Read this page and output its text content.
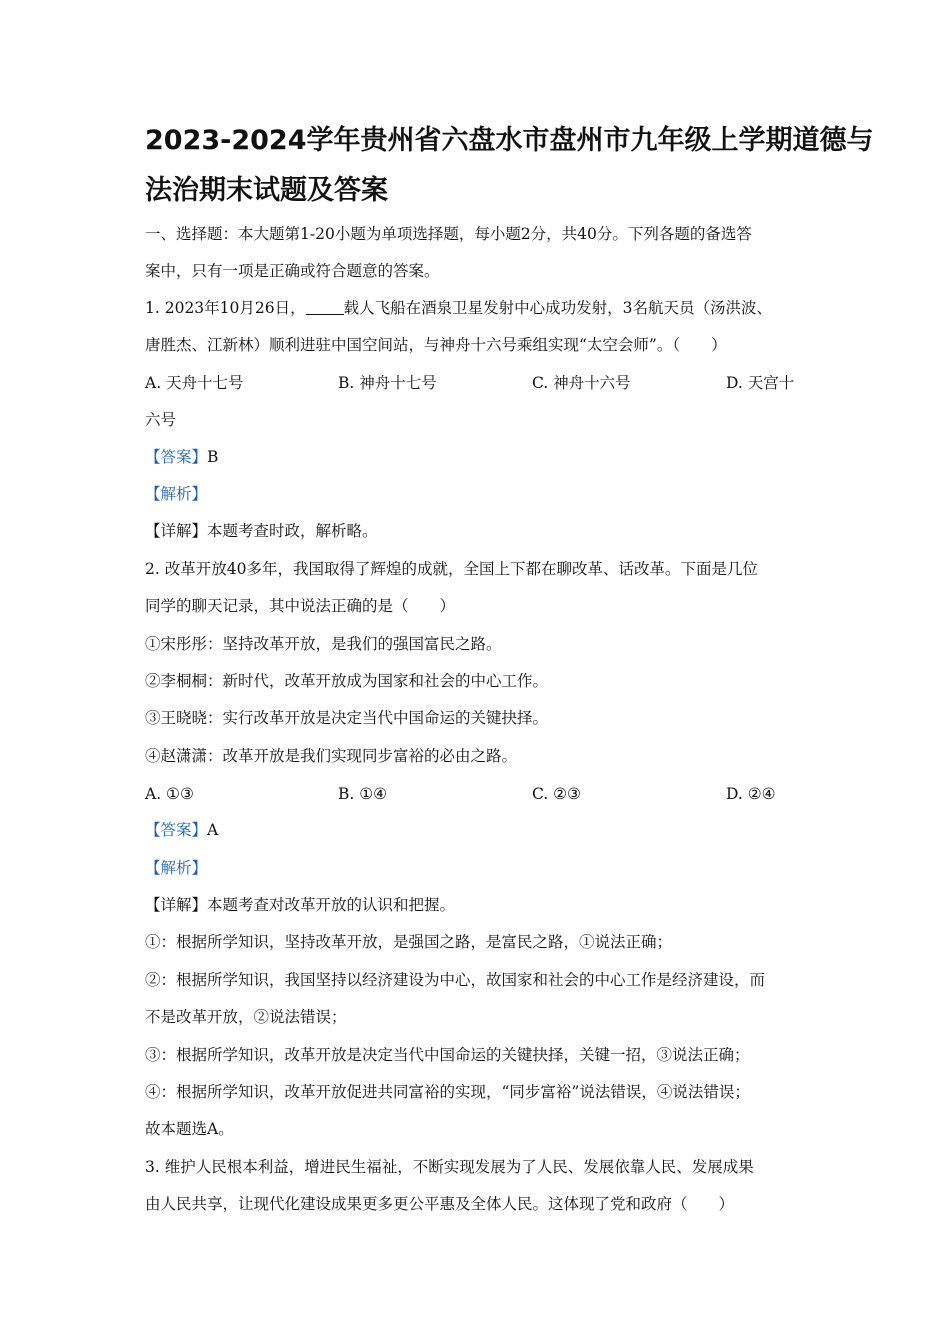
2023-2024学年贵州省六盘水市盘州市九年级上学期道德与
法治期末试题及答案
一、选择题：本大题第1-20小题为单项选择题，每小题2分，共40分。下列各题的备选答
案中，只有一项是正确或符合题意的答案。
1. 2023年10月26日， 载人飞船在酒泉卫星发射中心成功发射，3名航天员（汤洪波、
唐胜杰、江新林）顺利进驻中国空间站，与神舟十六号乘组实现“太空会师”。（　　）
A. 天舟十七号	B. 神舟十七号	C. 神舟十六号	D. 天宫十
六号
【答案】B
【解析】
【详解】本题考查时政，解析略。
2. 改革开放40多年，我国取得了辉煌的成就，全国上下都在聊改革、话改革。下面是几位
同学的聊天记录，其中说法正确的是（　　）
①宋彤彤：坚持改革开放，是我们的强国富民之路。
②李桐桐：新时代，改革开放成为国家和社会的中心工作。
③王晓晓：实行改革开放是决定当代中国命运的关键抉择。
④赵潇潇：改革开放是我们实现同步富裕的必由之路。
A. ①③	B. ①④	C. ②③	D. ②④
【答案】A
【解析】
【详解】本题考查对改革开放的认识和把握。
①：根据所学知识，坚持改革开放，是强国之路，是富民之路，①说法正确；
②：根据所学知识，我国坚持以经济建设为中心，故国家和社会的中心工作是经济建设，而
不是改革开放，②说法错误；
③：根据所学知识，改革开放是决定当代中国命运的关键抉择，关键一招，③说法正确；
④：根据所学知识，改革开放促进共同富裕的实现，“同步富裕”说法错误，④说法错误；
故本题选A。
3. 维护人民根本利益，增进民生福祉，不断实现发展为了人民、发展依靠人民、发展成果
由人民共享，让现代化建设成果更多更公平惠及全体人民。这体现了党和政府（　　）
